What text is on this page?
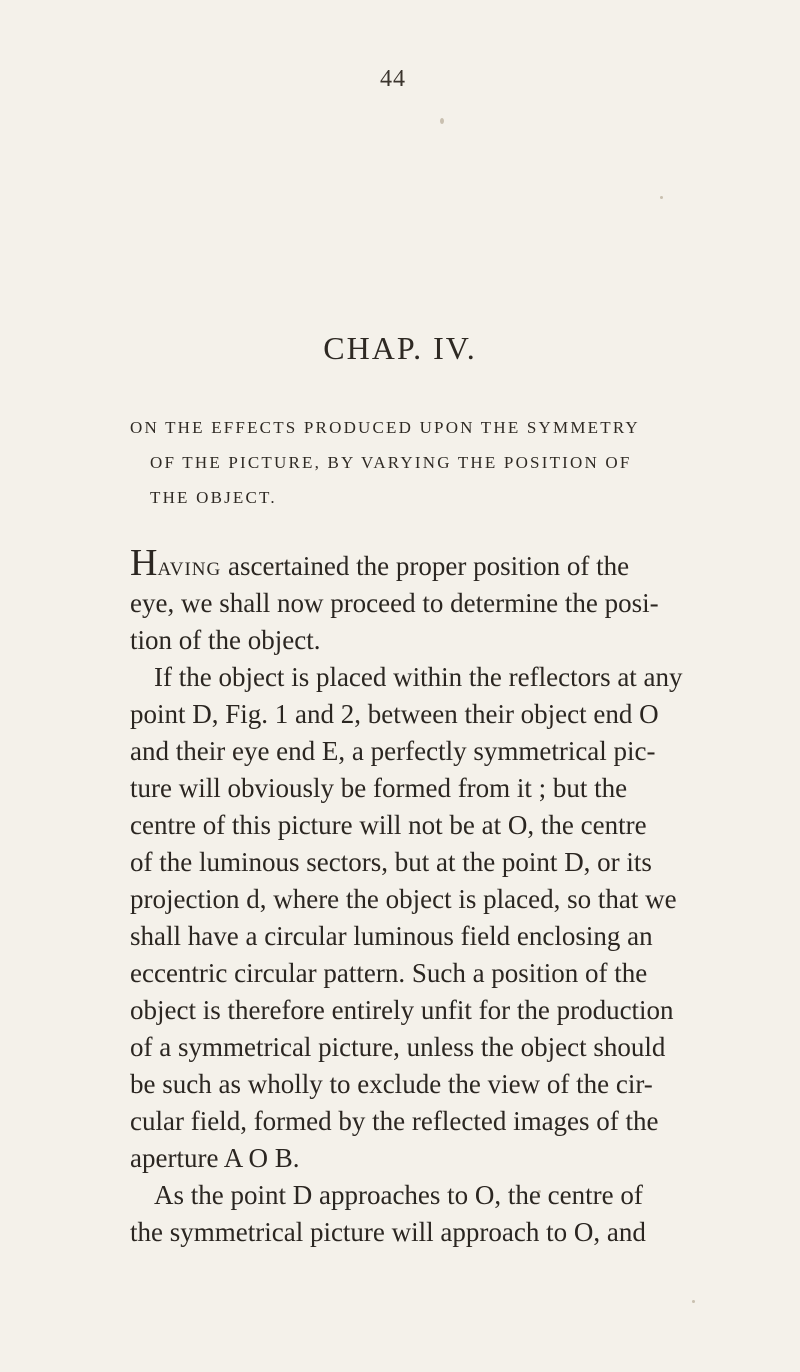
44
CHAP. IV.
ON THE EFFECTS PRODUCED UPON THE SYMMETRY
OF THE PICTURE, BY VARYING THE POSITION OF
THE OBJECT.
Having ascertained the proper position of the
eye, we shall now proceed to determine the posi-
tion of the object.
If the object is placed within the reflectors at any
point D, Fig. 1 and 2, between their object end O
and their eye end E, a perfectly symmetrical pic-
ture will obviously be formed from it ; but the
centre of this picture will not be at O, the centre
of the luminous sectors, but at the point D, or its
projection d, where the object is placed, so that we
shall have a circular luminous field enclosing an
eccentric circular pattern. Such a position of the
object is therefore entirely unfit for the production
of a symmetrical picture, unless the object should
be such as wholly to exclude the view of the cir-
cular field, formed by the reflected images of the
aperture A O B.
As the point D approaches to O, the centre of
the symmetrical picture will approach to O, and
